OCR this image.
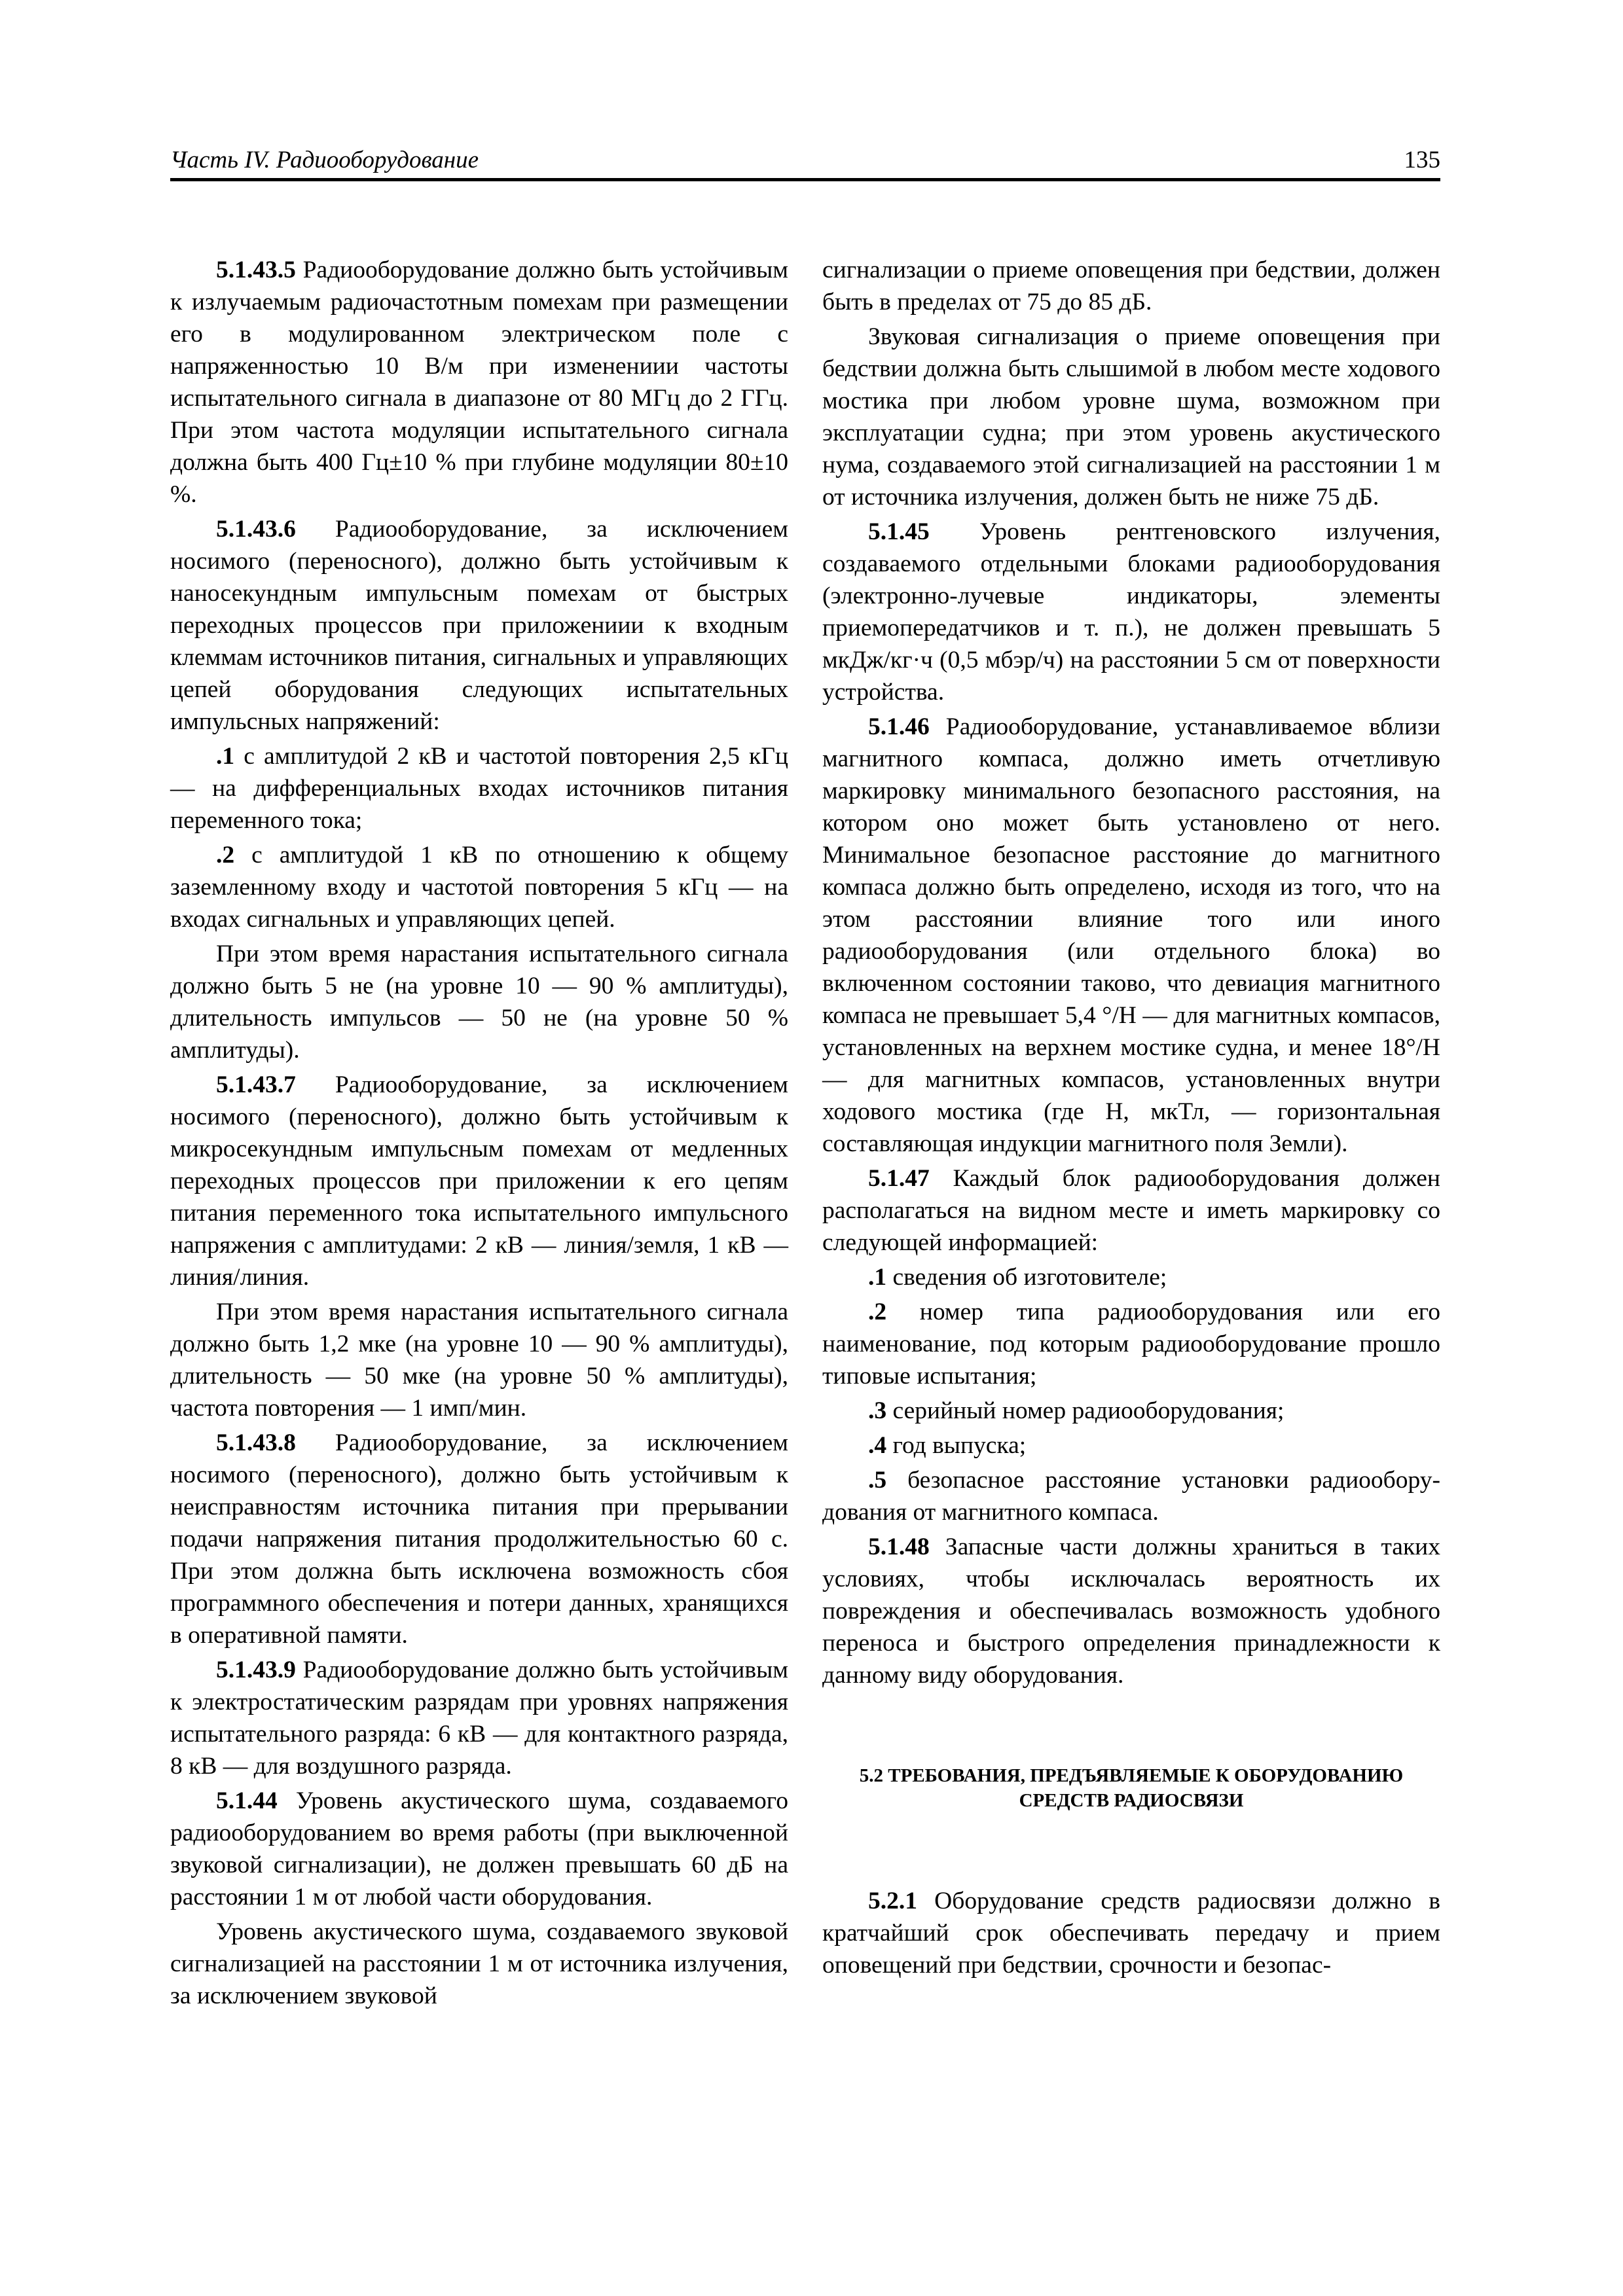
Часть IV. Радиооборудование	135

5.1.43.5 Радиооборудование должно быть устойчивым к излучаемым радиочастотным помехам при размещении его в модулированном электрическом поле с напряженностью 10 В/м при изменениии частоты испытательного сигнала в диапазоне от 80 МГц до 2 ГГц. При этом частота модуляции испытательного сигнала должна быть 400 Гц±10 % при глубине модуляции 80±10 %.

5.1.43.6 Радиооборудование, за исключением носимого (переносного), должно быть устойчивым к наносекундным импульсным помехам от быстрых переходных процессов при приложениии к входным клеммам источников питания, сигнальных и управляющих цепей оборудования следующих испытательных импульсных напряжений:

.1 с амплитудой 2 кВ и частотой повторения 2,5 кГц — на дифференциальных входах источников питания переменного тока;

.2 с амплитудой 1 кВ по отношению к общему заземленному входу и частотой повторения 5 кГц — на входах сигнальных и управляющих цепей.

При этом время нарастания испытательного сигнала должно быть 5 не (на уровне 10 — 90 % амплитуды), длительность импульсов — 50 не (на уровне 50 % амплитуды).

5.1.43.7 Радиооборудование, за исключением носимого (переносного), должно быть устойчивым к микросекундным импульсным помехам от медленных переходных процессов при приложении к его цепям питания переменного тока испытательного импульсного напряжения с амплитудами: 2 кВ — линия/земля, 1 кВ — линия/линия.

При этом время нарастания испытательного сигнала должно быть 1,2 мке (на уровне 10 — 90 % амплитуды), длительность — 50 мке (на уровне 50 % амплитуды), частота повторения — 1 имп/мин.

5.1.43.8 Радиооборудование, за исключением носимого (переносного), должно быть устойчивым к неисправностям источника питания при прерывании подачи напряжения питания продолжительностью 60 с. При этом должна быть исключена возможность сбоя программного обеспечения и потери данных, хранящихся в оперативной памяти.

5.1.43.9 Радиооборудование должно быть устойчивым к электростатическим разрядам при уровнях напряжения испытательного разряда: 6 кВ — для контактного разряда, 8 кВ — для воздушного разряда.

5.1.44 Уровень акустического шума, создаваемого радиооборудованием во время работы (при выключенной звуковой сигнализации), не должен превышать 60 дБ на расстоянии 1 м от любой части оборудования.

Уровень акустического шума, создаваемого звуковой сигнализацией на расстоянии 1 м от источника излучения, за исключением звуковой

сигнализации о приеме оповещения при бедствии, должен быть в пределах от 75 до 85 дБ.

Звуковая сигнализация о приеме оповещения при бедствии должна быть слышимой в любом месте ходового мостика при любом уровне шума, возможном при эксплуатации судна; при этом уровень акустического нума, создаваемого этой сигнализацией на расстоянии 1 м от источника излучения, должен быть не ниже 75 дБ.

5.1.45 Уровень рентгеновского излучения, создаваемого отдельными блоками радиооборудования (электронно-лучевые индикаторы, элементы приемопередатчиков и т. п.), не должен превышать 5 мкДж/кг·ч (0,5 мбэр/ч) на расстоянии 5 см от поверхности устройства.

5.1.46 Радиооборудование, устанавливаемое вблизи магнитного компаса, должно иметь отчетливую маркировку минимального безопасного расстояния, на котором оно может быть установлено от него. Минимальное безопасное расстояние до магнитного компаса должно быть определено, исходя из того, что на этом расстоянии влияние того или иного радиооборудования (или отдельного блока) во включенном состоянии таково, что девиация магнитного компаса не превышает 5,4 °/Н — для магнитных компасов, установленных на верхнем мостике судна, и менее 18°/Н — для магнитных компасов, установленных внутри ходового мостика (где Н, мкТл, — горизонтальная составляющая индукции магнитного поля Земли).

5.1.47 Каждый блок радиооборудования должен располагаться на видном месте и иметь маркировку со следующей информацией:

.1 сведения об изготовителе;

.2 номер типа радиооборудования или его наименование, под которым радиооборудование прошло типовые испытания;

.3 серийный номер радиооборудования;

.4 год выпуска;

.5 безопасное расстояние установки радиооборудования от магнитного компаса.

5.1.48 Запасные части должны храниться в таких условиях, чтобы исключалась вероятность их повреждения и обеспечивалась возможность удобного переноса и быстрого определения принадлежности к данному виду оборудования.

5.2 ТРЕБОВАНИЯ, ПРЕДЪЯВЛЯЕМЫЕ К ОБОРУДОВАНИЮ СРЕДСТВ РАДИОСВЯЗИ

5.2.1 Оборудование средств радиосвязи должно в кратчайший срок обеспечивать передачу и прием оповещений при бедствии, срочности и безопас-
